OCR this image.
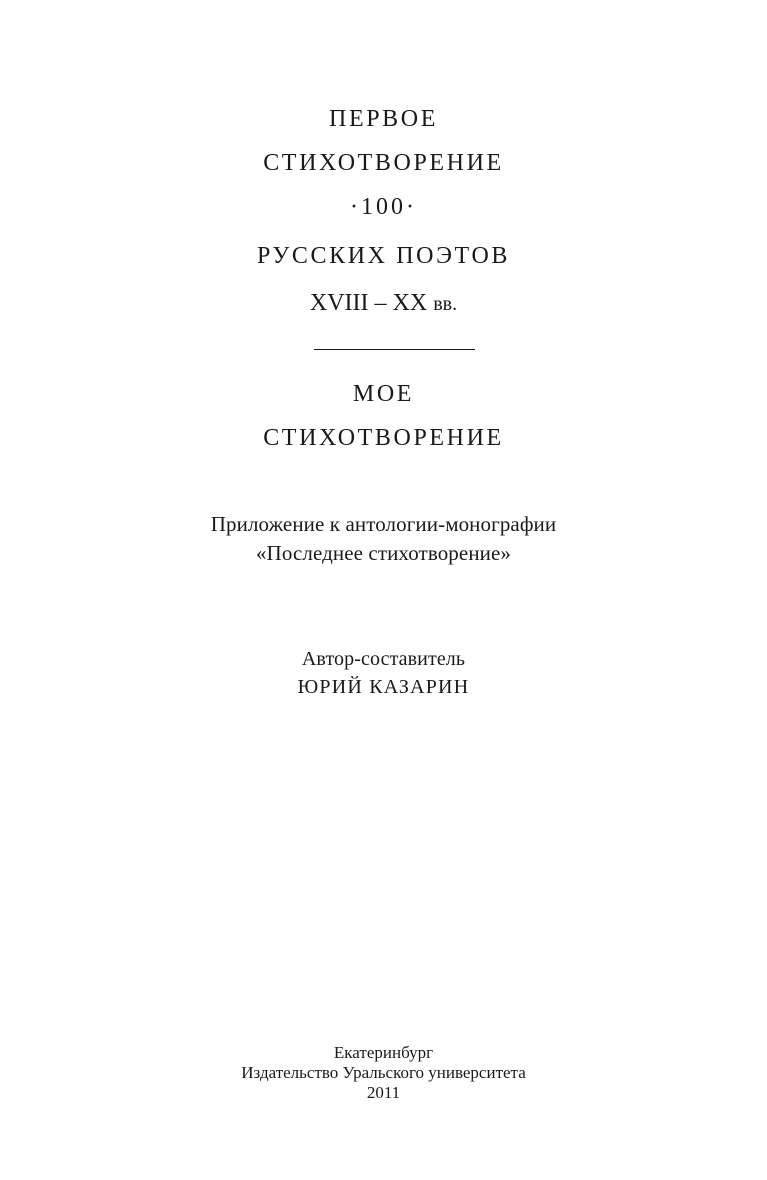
ПЕРВОЕ
СТИХОТВОРЕНИЕ
·100·
РУССКИХ ПОЭТОВ
XVIII – XX вв.
МОЕ
СТИХОТВОРЕНИЕ
Приложение к антологии-монографии
«Последнее стихотворение»
Автор-составитель
ЮРИЙ КАЗАРИН
Екатеринбург
Издательство Уральского университета
2011
